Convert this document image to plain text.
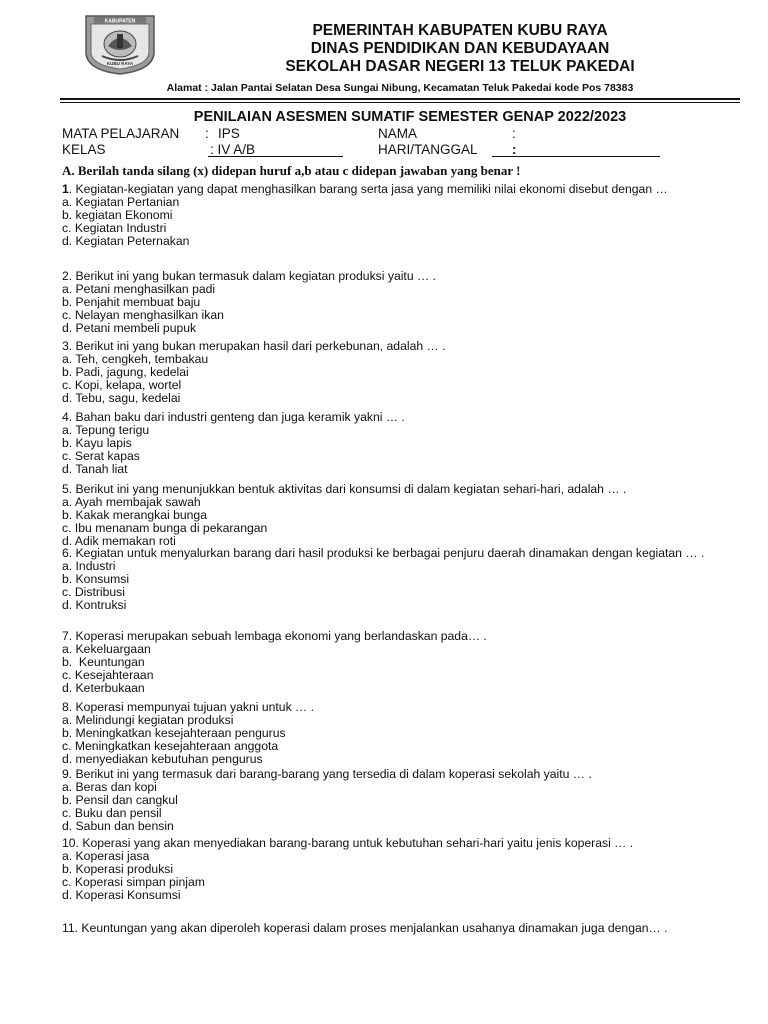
KABUPATEN
KUBU RAYA
PEMERINTAH KABUPATEN KUBU RAYA
DINAS PENDIDIKAN DAN KEBUDAYAAN
SEKOLAH DASAR NEGERI 13 TELUK PAKEDAI
Alamat : Jalan Pantai Selatan Desa Sungai Nibung, Kecamatan Teluk Pakedai kode Pos 78383
PENILAIAN ASESMEN SUMATIF SEMESTER GENAP 2022/2023
MATA PELAJARAN : IPS	NAMA	:
KELAS	: IV A/B	HARI/TANGGAL	:
A. Berilah tanda silang (x) didepan huruf a,b atau c didepan jawaban yang benar !
1. Kegiatan-kegiatan yang dapat menghasilkan barang serta jasa yang memiliki nilai ekonomi disebut dengan …
a. Kegiatan Pertanian
b. kegiatan Ekonomi
c. Kegiatan Industri
d. Kegiatan Peternakan
2. Berikut ini yang bukan termasuk dalam kegiatan produksi yaitu … .
a. Petani menghasilkan padi
b. Penjahit membuat baju
c. Nelayan menghasilkan ikan
d. Petani membeli pupuk
3. Berikut ini yang bukan merupakan hasil dari perkebunan, adalah … .
a. Teh, cengkeh, tembakau
b. Padi, jagung, kedelai
c. Kopi, kelapa, wortel
d. Tebu, sagu, kedelai
4. Bahan baku dari industri genteng dan juga keramik yakni … .
a. Tepung terigu
b. Kayu lapis
c. Serat kapas
d. Tanah liat
5. Berikut ini yang menunjukkan bentuk aktivitas dari konsumsi di dalam kegiatan sehari-hari, adalah … .
a. Ayah membajak sawah
b. Kakak merangkai bunga
c. Ibu menanam bunga di pekarangan
d. Adik memakan roti
6. Kegiatan untuk menyalurkan barang dari hasil produksi ke berbagai penjuru daerah dinamakan dengan kegiatan … .
a. Industri
b. Konsumsi
c. Distribusi
d. Kontruksi
7. Koperasi merupakan sebuah lembaga ekonomi yang berlandaskan pada… .
a. Kekeluargaan
b.  Keuntungan
c. Kesejahteraan
d. Keterbukaan
8. Koperasi mempunyai tujuan yakni untuk … .
a. Melindungi kegiatan produksi
b. Meningkatkan kesejahteraan pengurus
c. Meningkatkan kesejahteraan anggota
d. menyediakan kebutuhan pengurus
9. Berikut ini yang termasuk dari barang-barang yang tersedia di dalam koperasi sekolah yaitu … .
a. Beras dan kopi
b. Pensil dan cangkul
c. Buku dan pensil
d. Sabun dan bensin
10. Koperasi yang akan menyediakan barang-barang untuk kebutuhan sehari-hari yaitu jenis koperasi … .
a. Koperasi jasa
b. Koperasi produksi
c. Koperasi simpan pinjam
d. Koperasi Konsumsi
11. Keuntungan yang akan diperoleh koperasi dalam proses menjalankan usahanya dinamakan juga dengan… .
